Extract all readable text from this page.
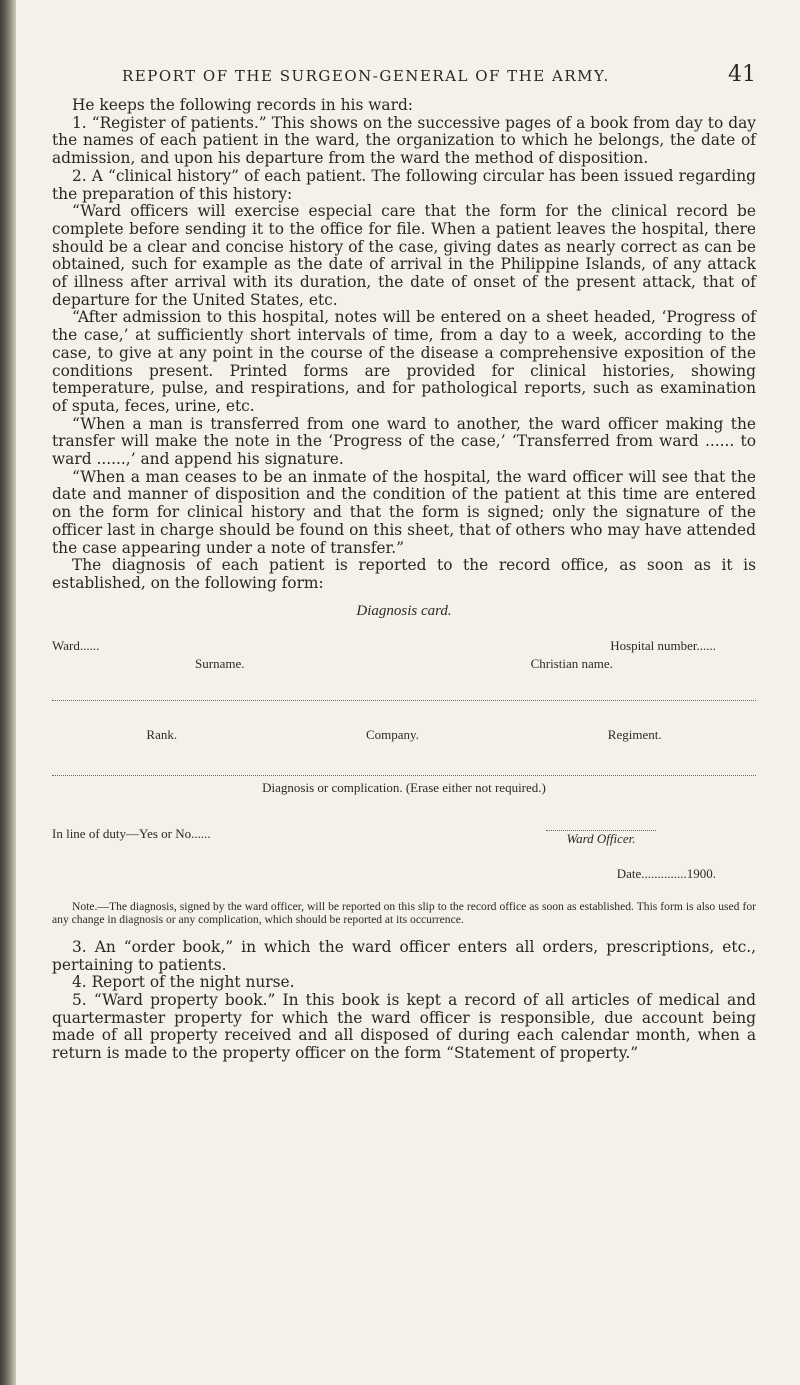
REPORT OF THE SURGEON-GENERAL OF THE ARMY.	41

He keeps the following records in his ward:

1. “Register of patients.” This shows on the successive pages of a book from day to day the names of each patient in the ward, the organization to which he belongs, the date of admission, and upon his departure from the ward the method of disposition.

2. A “clinical history” of each patient. The following circular has been issued regarding the preparation of this history:

“Ward officers will exercise especial care that the form for the clinical record be complete before sending it to the office for file. When a patient leaves the hospital, there should be a clear and concise history of the case, giving dates as nearly correct as can be obtained, such for example as the date of arrival in the Philippine Islands, of any attack of illness after arrival with its duration, the date of onset of the present attack, that of departure for the United States, etc.

“After admission to this hospital, notes will be entered on a sheet headed, ‘Progress of the case,’ at sufficiently short intervals of time, from a day to a week, according to the case, to give at any point in the course of the disease a comprehensive exposition of the conditions present. Printed forms are provided for clinical histories, showing temperature, pulse, and respirations, and for pathological reports, such as examination of sputa, feces, urine, etc.

“When a man is transferred from one ward to another, the ward officer making the transfer will make the note in the ‘Progress of the case,’ ‘Transferred from ward ...... to ward ......,’ and append his signature.

“When a man ceases to be an inmate of the hospital, the ward officer will see that the date and manner of disposition and the condition of the patient at this time are entered on the form for clinical history and that the form is signed; only the signature of the officer last in charge should be found on this sheet, that of others who may have attended the case appearing under a note of transfer.”

The diagnosis of each patient is reported to the record office, as soon as it is established, on the following form:

Diagnosis card.
Ward......	Hospital number......
Surname.	Christian name.
Rank.	Company.	Regiment.
Diagnosis or complication. (Erase either not required.)
In line of duty—Yes or No......	Ward Officer.
Date..............1900.

Note.—The diagnosis, signed by the ward officer, will be reported on this slip to the record office as soon as established. This form is also used for any change in diagnosis or any complication, which should be reported at its occurrence.

3. An “order book,” in which the ward officer enters all orders, prescriptions, etc., pertaining to patients.

4. Report of the night nurse.

5. “Ward property book.” In this book is kept a record of all articles of medical and quartermaster property for which the ward officer is responsible, due account being made of all property received and all disposed of during each calendar month, when a return is made to the property officer on the form “Statement of property.”
